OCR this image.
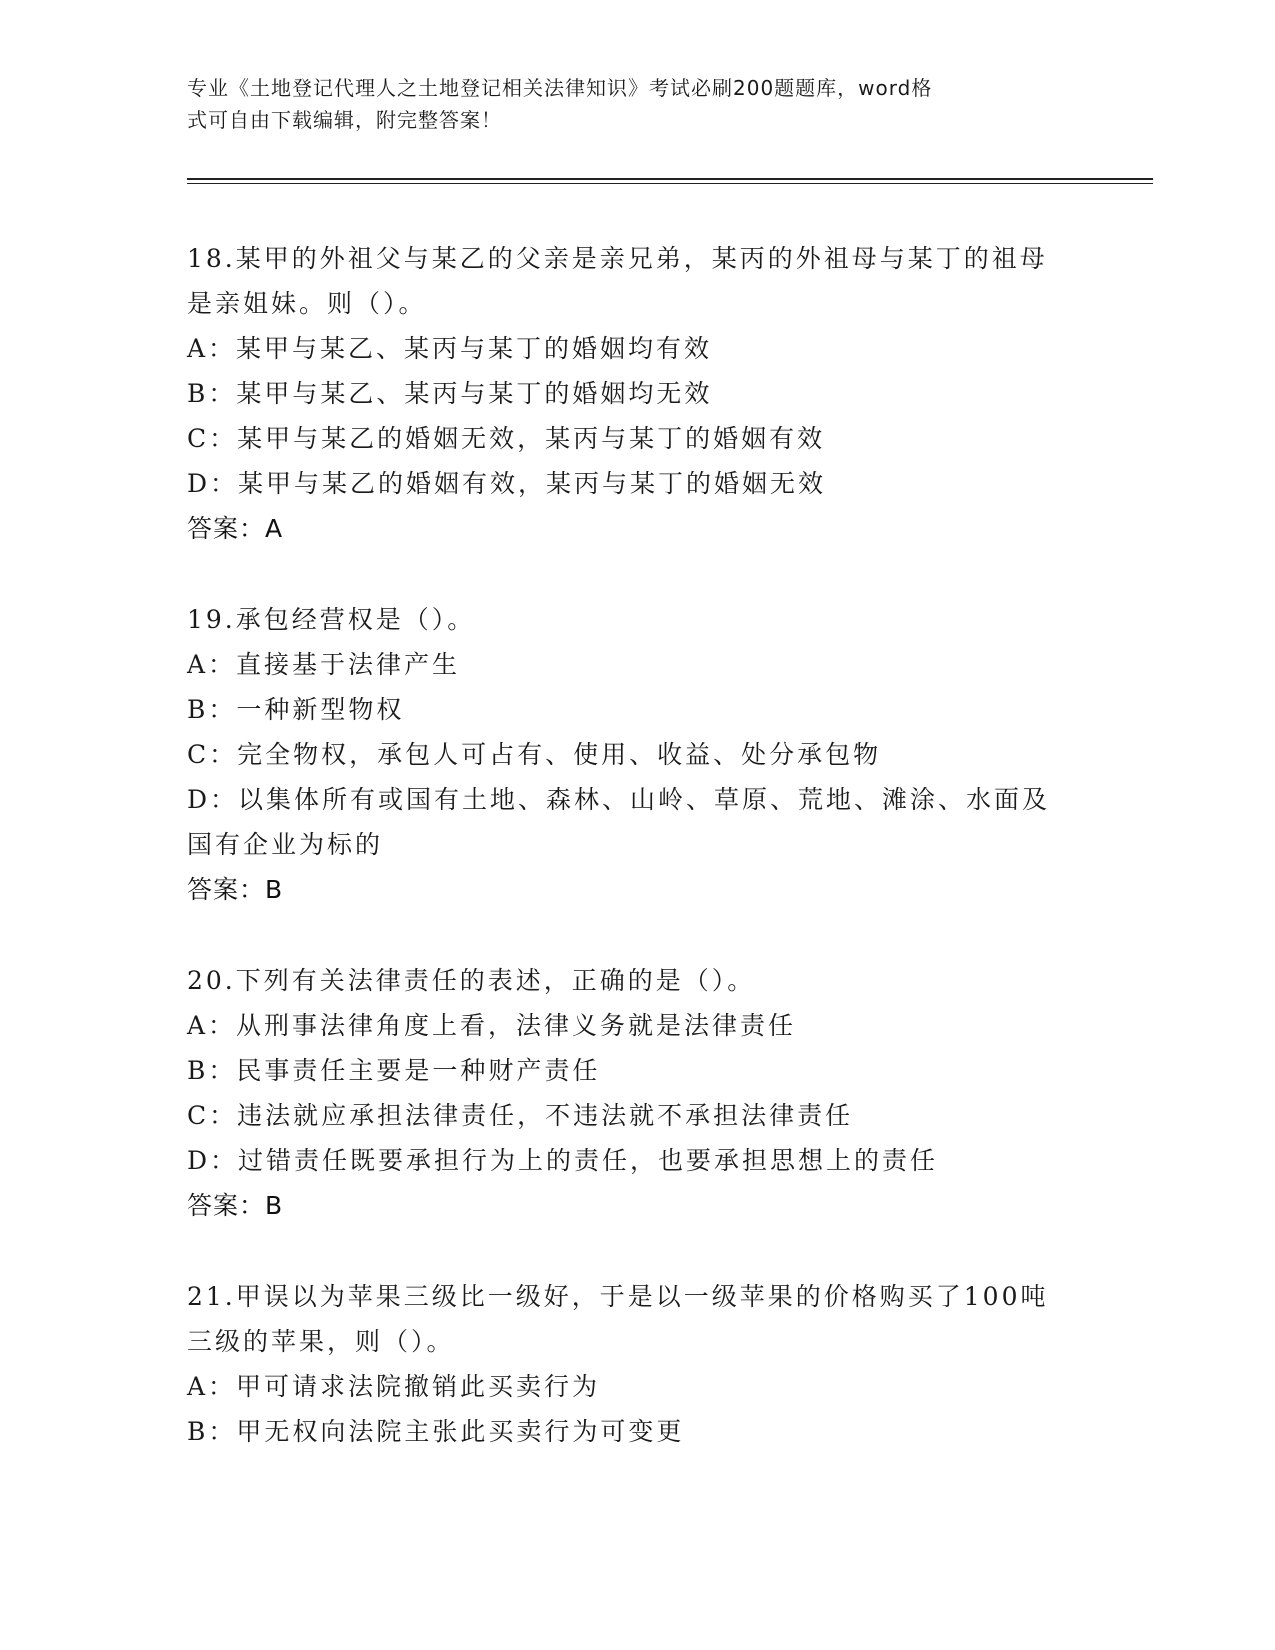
专业《土地登记代理人之土地登记相关法律知识》考试必刷200题题库，word格
式可自由下载编辑，附完整答案！
18.某甲的外祖父与某乙的父亲是亲兄弟，某丙的外祖母与某丁的祖母
是亲姐妹。则（）。
A：某甲与某乙、某丙与某丁的婚姻均有效
B：某甲与某乙、某丙与某丁的婚姻均无效
C：某甲与某乙的婚姻无效，某丙与某丁的婚姻有效
D：某甲与某乙的婚姻有效，某丙与某丁的婚姻无效
答案：A
19.承包经营权是（）。
A：直接基于法律产生
B：一种新型物权
C：完全物权，承包人可占有、使用、收益、处分承包物
D：以集体所有或国有土地、森林、山岭、草原、荒地、滩涂、水面及
国有企业为标的
答案：B
20.下列有关法律责任的表述，正确的是（）。
A：从刑事法律角度上看，法律义务就是法律责任
B：民事责任主要是一种财产责任
C：违法就应承担法律责任，不违法就不承担法律责任
D：过错责任既要承担行为上的责任，也要承担思想上的责任
答案：B
21.甲误以为苹果三级比一级好，于是以一级苹果的价格购买了100吨
三级的苹果，则（）。
A：甲可请求法院撤销此买卖行为
B：甲无权向法院主张此买卖行为可变更
